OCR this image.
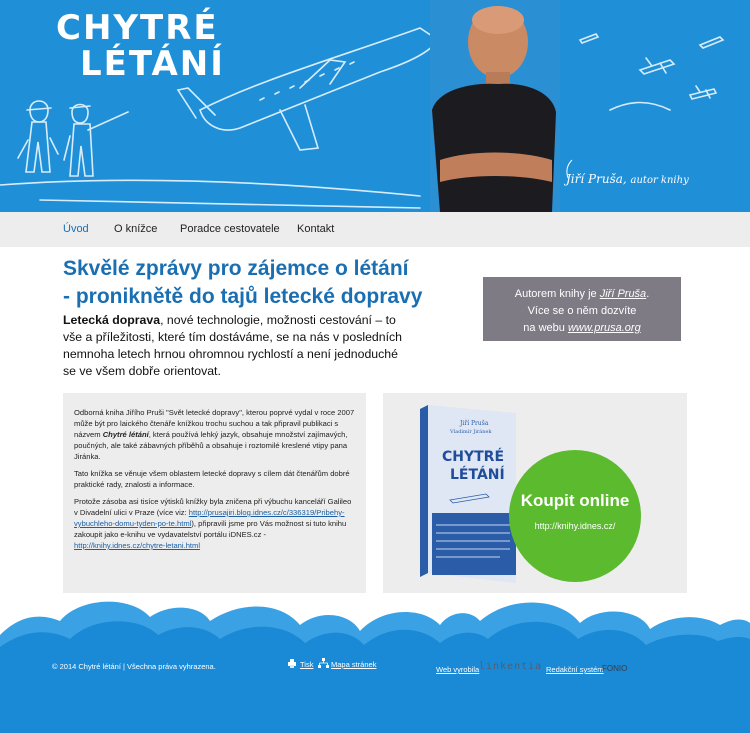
CHYTRÉ
LÉTÁNÍ
Jiří Pruša, autor knihy
Úvod O knížce Poradce cestovatele Kontakt
Skvělé zprávy pro zájemce o létání
- proniknětě do tajů letecké dopravy
Letecká doprava, nové technologie, možnosti cestování – to vše a příležitosti, které tím dostáváme, se na nás v posledních nemnoha letech hrnou ohromnou rychlostí a není jednoduché se ve všem dobře orientovat.
Autorem knihy je Jiří Pruša.
Více se o něm dozvíte
na webu www.prusa.org

Odborná kniha Jiřího Pruši "Svět letecké dopravy", kterou poprvé vydal v roce 2007 může být pro laického čtenáře knížkou trochu suchou a tak připravil publikaci s názvem Chytré létání, která používá lehký jazyk, obsahuje množství zajímavých, poučných, ale také zábavných příběhů a obsahuje i roztomilé kreslené vtipy pana Jiránka.

Tato knížka se věnuje všem oblastem letecké dopravy s cílem dát čtenářům dobré praktické rady, znalosti a informace.

Protože zásoba asi tisíce výtisků knížky byla zničena při výbuchu kanceláří Galileo v Divadelní ulici v Praze (více viz: http://prusajiri.blog.idnes.cz/c/336319/Pribehy-vybuchleho-domu-tyden-po-te.html), připravili jsme pro Vás možnost si tuto knihu zakoupit jako e-knihu ve vydavatelství portálu iDNES.cz - http://knihy.idnes.cz/chytre-letani.html

Jiří Pruša
Vladimír Jiránek
CHYTRÉ
LÉTÁNÍ
Koupit online
http://knihy.idnes.cz/
© 2014 Chytré létání | Všechna práva vyhrazena.	Tisk Mapa stránek
Web vyrobila linkentia Redakční systém
FONIO
